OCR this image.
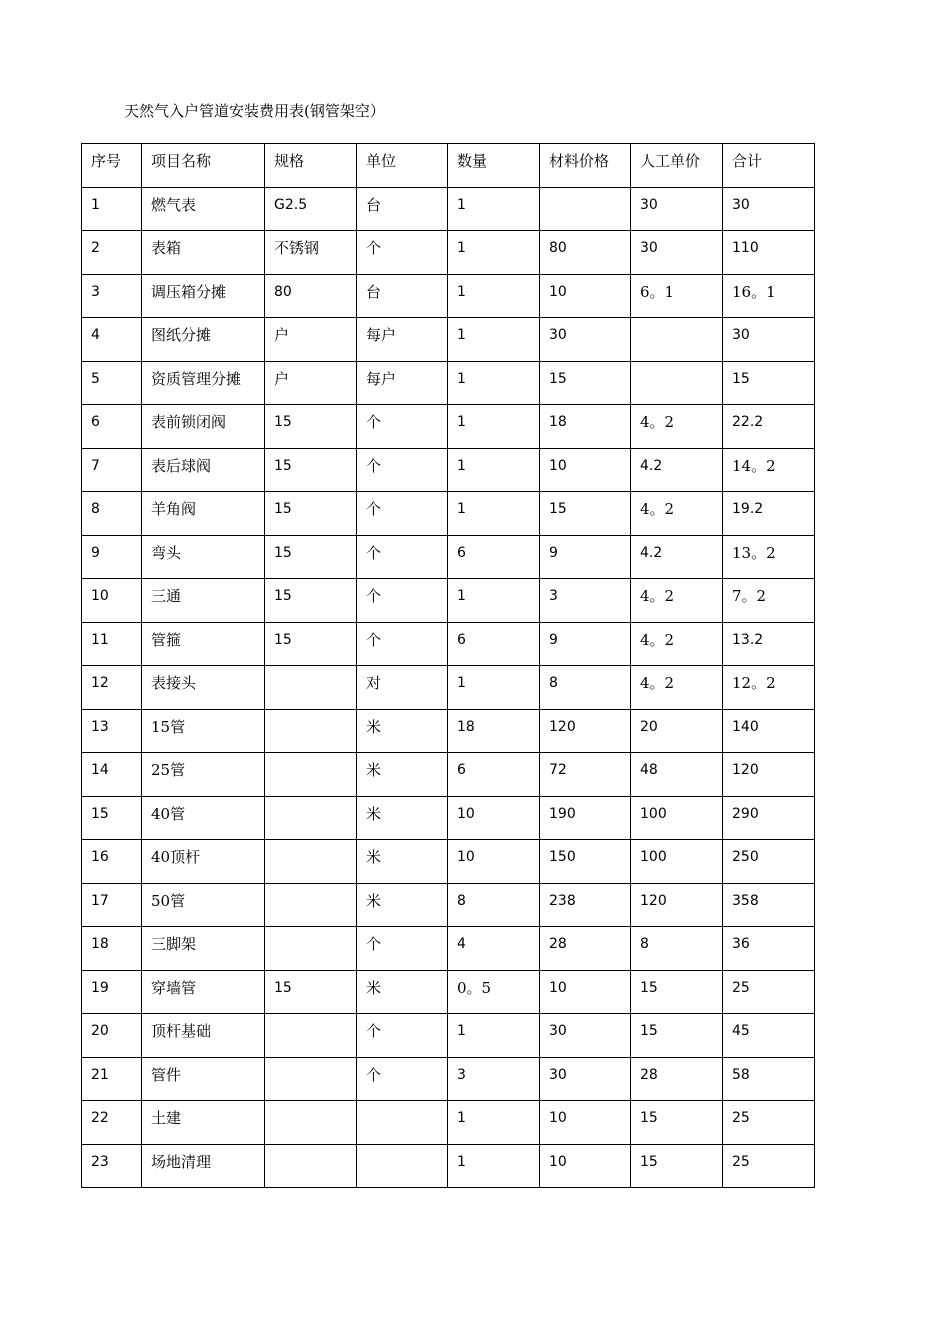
天然气入户管道安装费用表(钢管架空）
序号	项目名称	规格	单位	数量	材料价格	人工单价	合计
1	燃气表	G2.5	台	1		30	30
2	表箱	不锈钢	个	1	80	30	110
3	调压箱分摊	80	台	1	10	6。1	16。1
4	图纸分摊	户	每户	1	30		30
5	资质管理分摊	户	每户	1	15		15
6	表前锁闭阀	15	个	1	18	4。2	22.2
7	表后球阀	15	个	1	10	4.2	14。2
8	羊角阀	15	个	1	15	4。2	19.2
9	弯头	15	个	6	9	4.2	13。2
10	三通	15	个	1	3	4。2	7。2
11	管箍	15	个	6	9	4。2	13.2
12	表接头		对	1	8	4。2	12。2
13	15管		米	18	120	20	140
14	25管		米	6	72	48	120
15	40管		米	10	190	100	290
16	40顶杆		米	10	150	100	250
17	50管		米	8	238	120	358
18	三脚架		个	4	28	8	36
19	穿墙管	15	米	0。5	10	15	25
20	顶杆基础		个	1	30	15	45
21	管件		个	3	30	28	58
22	土建			1	10	15	25
23	场地清理			1	10	15	25
